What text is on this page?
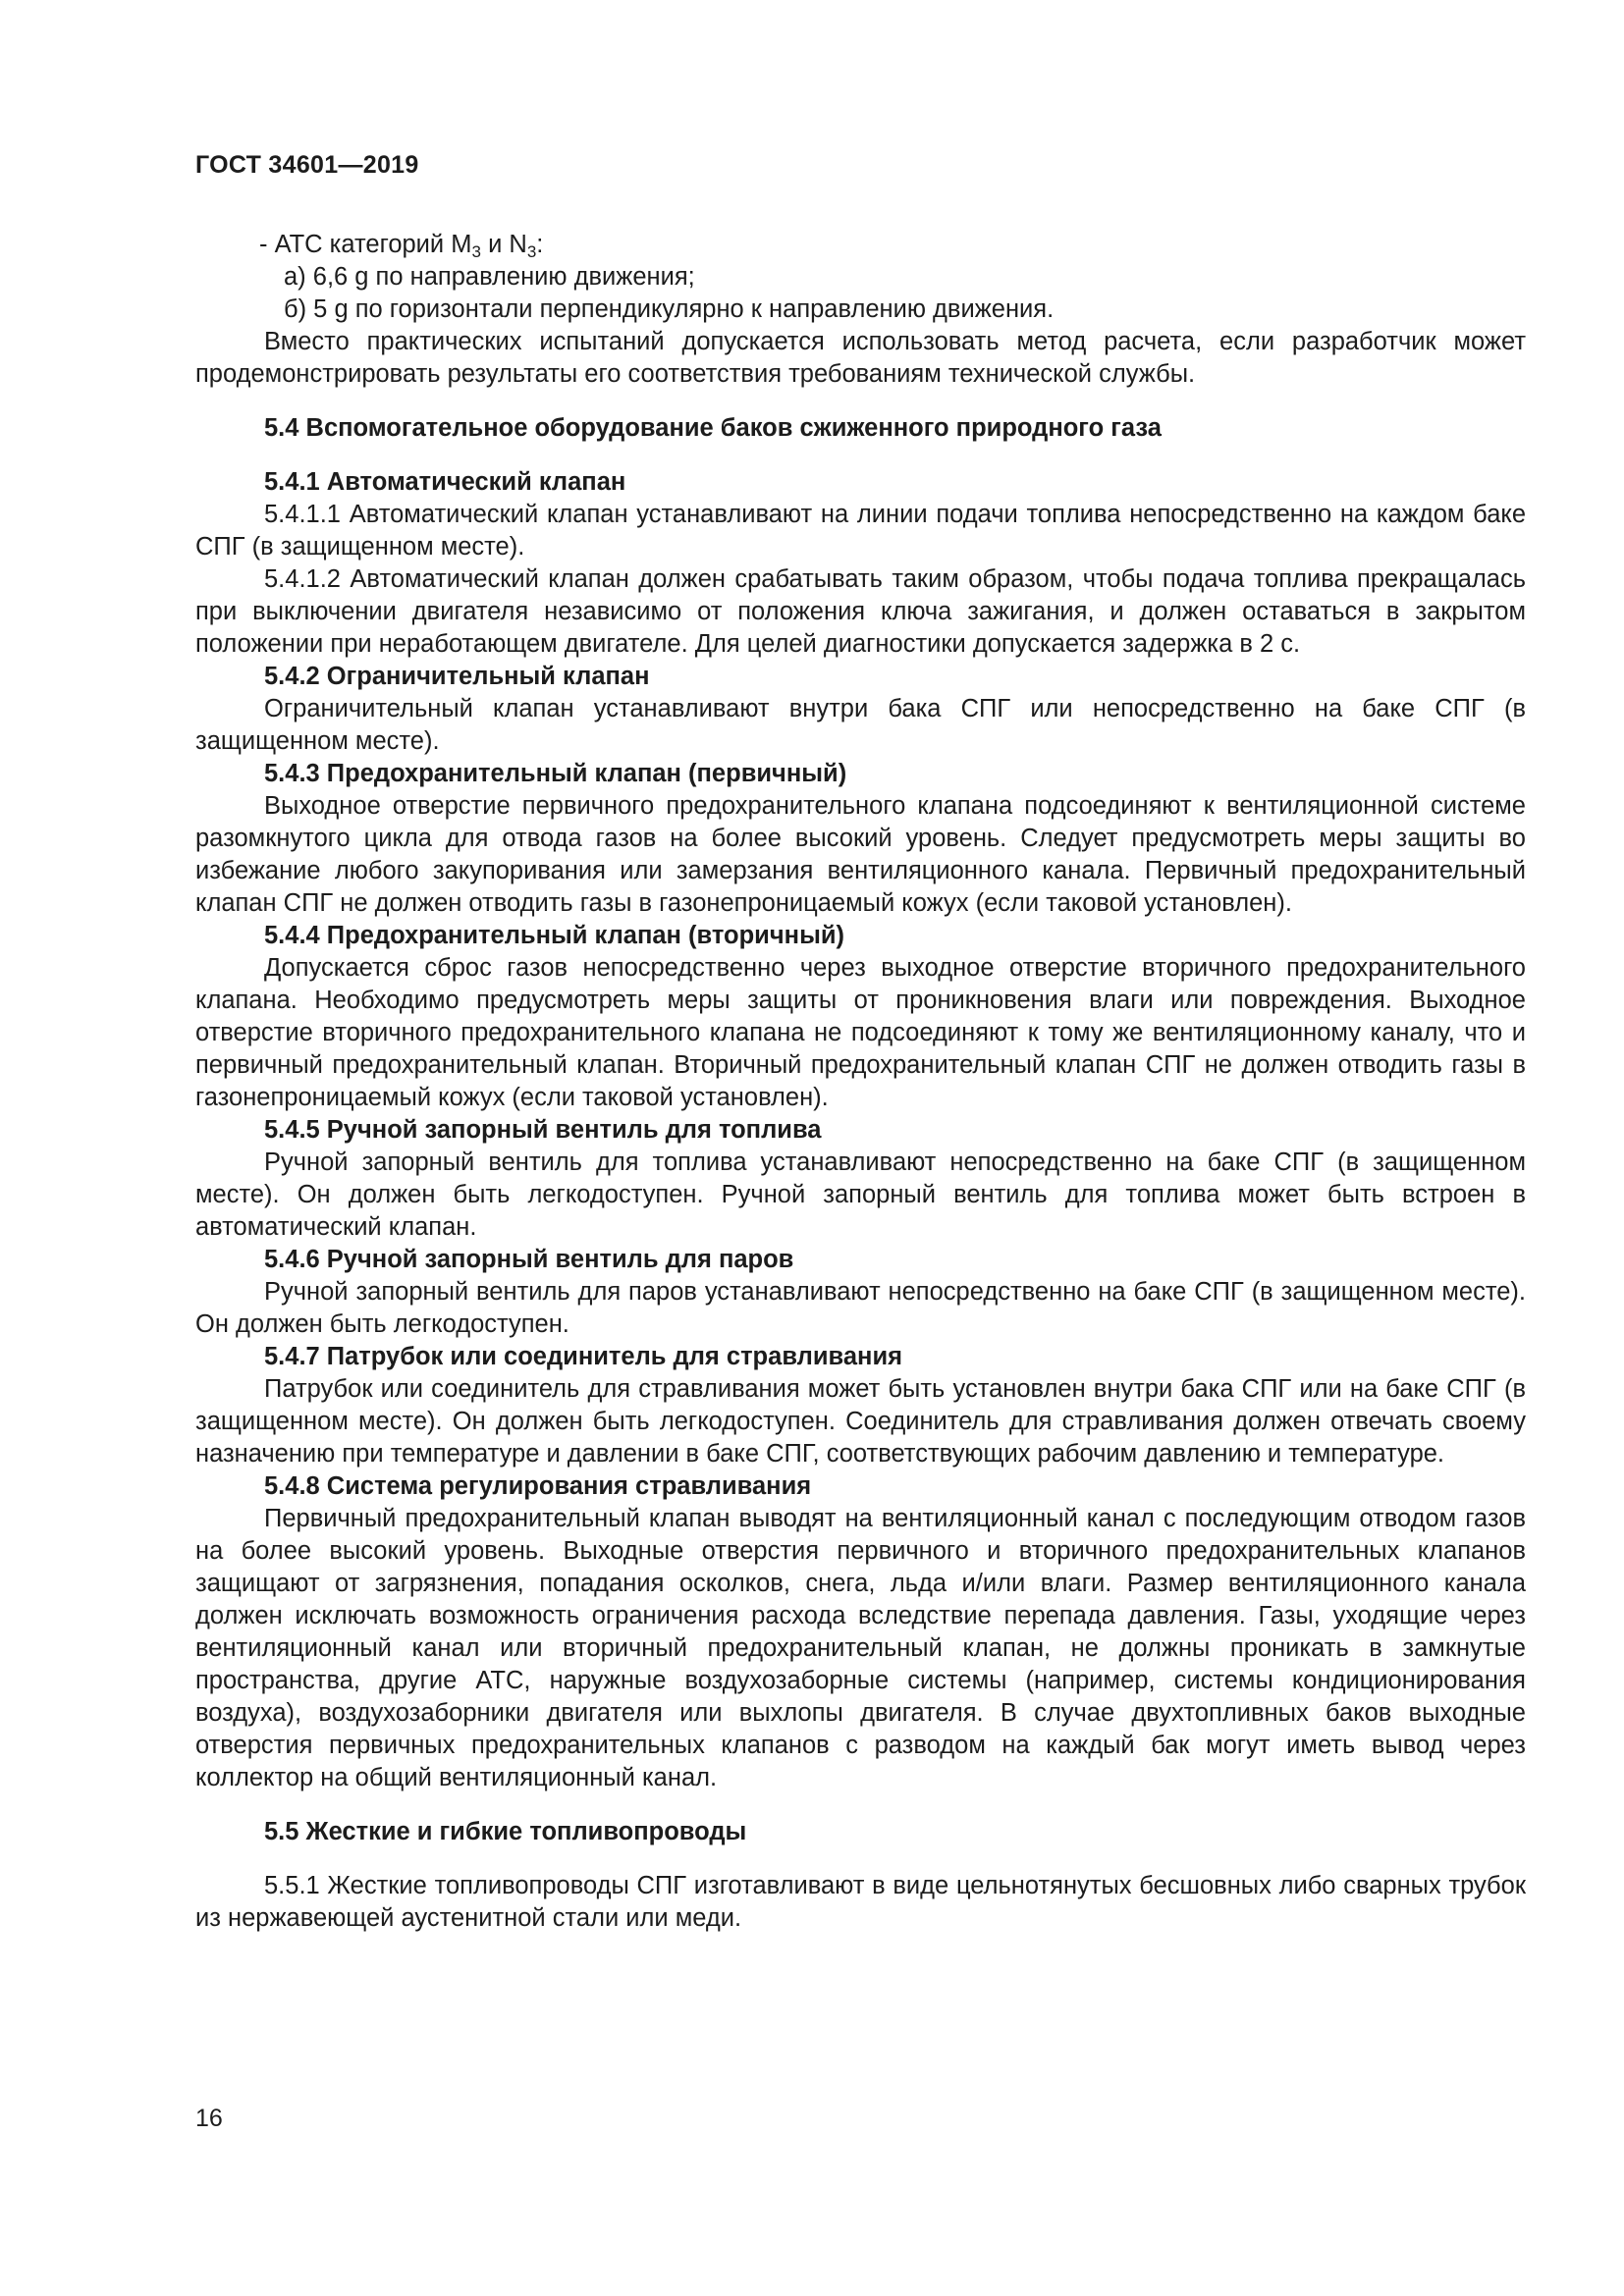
ГОСТ 34601—2019
- АТС категорий $М_3$ и $N_3$:
а) 6,6 g по направлению движения;
б) 5 g по горизонтали перпендикулярно к направлению движения.

Вместо практических испытаний допускается использовать метод расчета, если разработчик может продемонстрировать результаты его соответствия требованиям технической службы.

5.4 Вспомогательное оборудование баков сжиженного природного газа
5.4.1 Автоматический клапан

5.4.1.1 Автоматический клапан устанавливают на линии подачи топлива непосредственно на каждом баке СПГ (в защищенном месте).

5.4.1.2 Автоматический клапан должен срабатывать таким образом, чтобы подача топлива прекращалась при выключении двигателя независимо от положения ключа зажигания, и должен оставаться в закрытом положении при неработающем двигателе. Для целей диагностики допускается задержка в 2 с.

5.4.2 Ограничительный клапан

Ограничительный клапан устанавливают внутри бака СПГ или непосредственно на баке СПГ (в защищенном месте).

5.4.3 Предохранительный клапан (первичный)

Выходное отверстие первичного предохранительного клапана подсоединяют к вентиляционной системе разомкнутого цикла для отвода газов на более высокий уровень. Следует предусмотреть меры защиты во избежание любого закупоривания или замерзания вентиляционного канала. Первичный предохранительный клапан СПГ не должен отводить газы в газонепроницаемый кожух (если таковой установлен).

5.4.4 Предохранительный клапан (вторичный)

Допускается сброс газов непосредственно через выходное отверстие вторичного предохранительного клапана. Необходимо предусмотреть меры защиты от проникновения влаги или повреждения. Выходное отверстие вторичного предохранительного клапана не подсоединяют к тому же вентиляционному каналу, что и первичный предохранительный клапан. Вторичный предохранительный клапан СПГ не должен отводить газы в газонепроницаемый кожух (если таковой установлен).

5.4.5 Ручной запорный вентиль для топлива

Ручной запорный вентиль для топлива устанавливают непосредственно на баке СПГ (в защищенном месте). Он должен быть легкодоступен. Ручной запорный вентиль для топлива может быть встроен в автоматический клапан.

5.4.6 Ручной запорный вентиль для паров

Ручной запорный вентиль для паров устанавливают непосредственно на баке СПГ (в защищенном месте). Он должен быть легкодоступен.

5.4.7 Патрубок или соединитель для стравливания

Патрубок или соединитель для стравливания может быть установлен внутри бака СПГ или на баке СПГ (в защищенном месте). Он должен быть легкодоступен. Соединитель для стравливания должен отвечать своему назначению при температуре и давлении в баке СПГ, соответствующих рабочим давлению и температуре.

5.4.8 Система регулирования стравливания

Первичный предохранительный клапан выводят на вентиляционный канал с последующим отводом газов на более высокий уровень. Выходные отверстия первичного и вторичного предохранительных клапанов защищают от загрязнения, попадания осколков, снега, льда и/или влаги. Размер вентиляционного канала должен исключать возможность ограничения расхода вследствие перепада давления. Газы, уходящие через вентиляционный канал или вторичный предохранительный клапан, не должны проникать в замкнутые пространства, другие АТС, наружные воздухозаборные системы (например, системы кондиционирования воздуха), воздухозаборники двигателя или выхлопы двигателя. В случае двухтопливных баков выходные отверстия первичных предохранительных клапанов с разводом на каждый бак могут иметь вывод через коллектор на общий вентиляционный канал.

5.5 Жесткие и гибкие топливопроводы

5.5.1 Жесткие топливопроводы СПГ изготавливают в виде цельнотянутых бесшовных либо сварных трубок из нержавеющей аустенитной стали или меди.

16
